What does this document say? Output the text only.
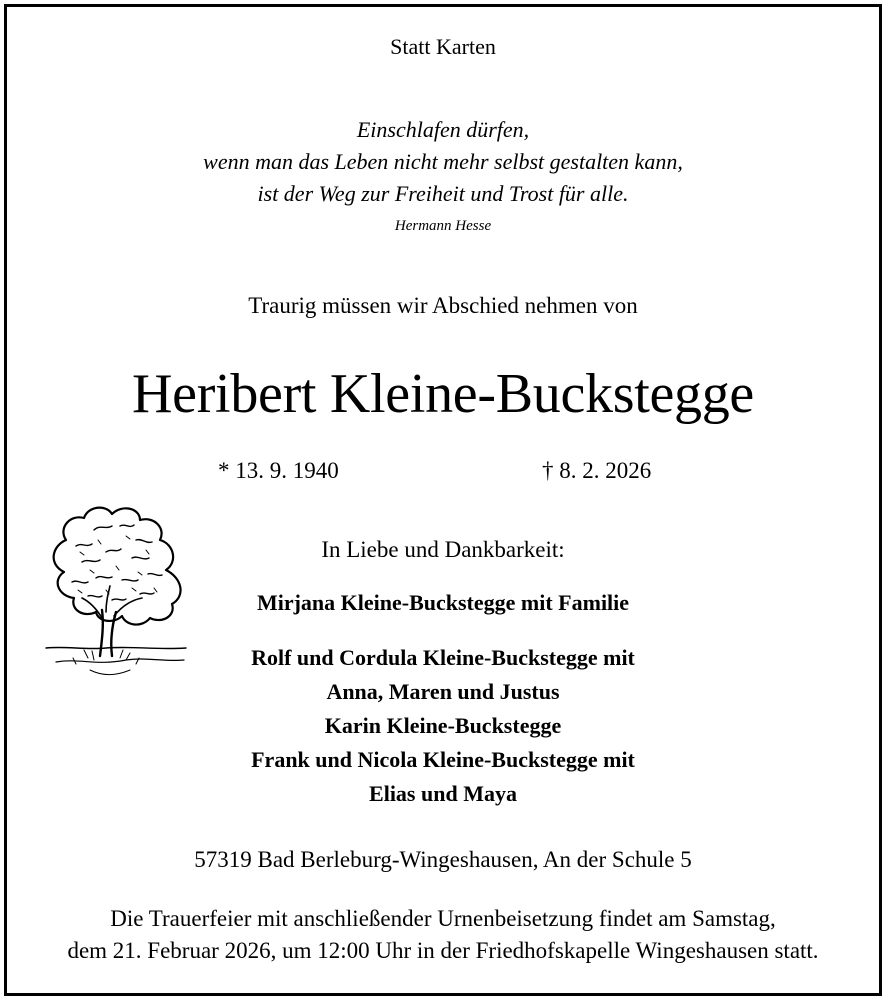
Statt Karten
Einschlafen dürfen,
wenn man das Leben nicht mehr selbst gestalten kann,
ist der Weg zur Freiheit und Trost für alle.
Hermann Hesse
Traurig müssen wir Abschied nehmen von
Heribert Kleine-Buckstegge
* 13. 9. 1940	† 8. 2. 2026
In Liebe und Dankbarkeit:
Mirjana Kleine-Buckstegge mit Familie
Rolf und Cordula Kleine-Buckstegge mit
Anna, Maren und Justus
Karin Kleine-Buckstegge
Frank und Nicola Kleine-Buckstegge mit
Elias und Maya
57319 Bad Berleburg-Wingeshausen, An der Schule 5
Die Trauerfeier mit anschließender Urnenbeisetzung findet am Samstag,
dem 21. Februar 2026, um 12:00 Uhr in der Friedhofskapelle Wingeshausen statt.
